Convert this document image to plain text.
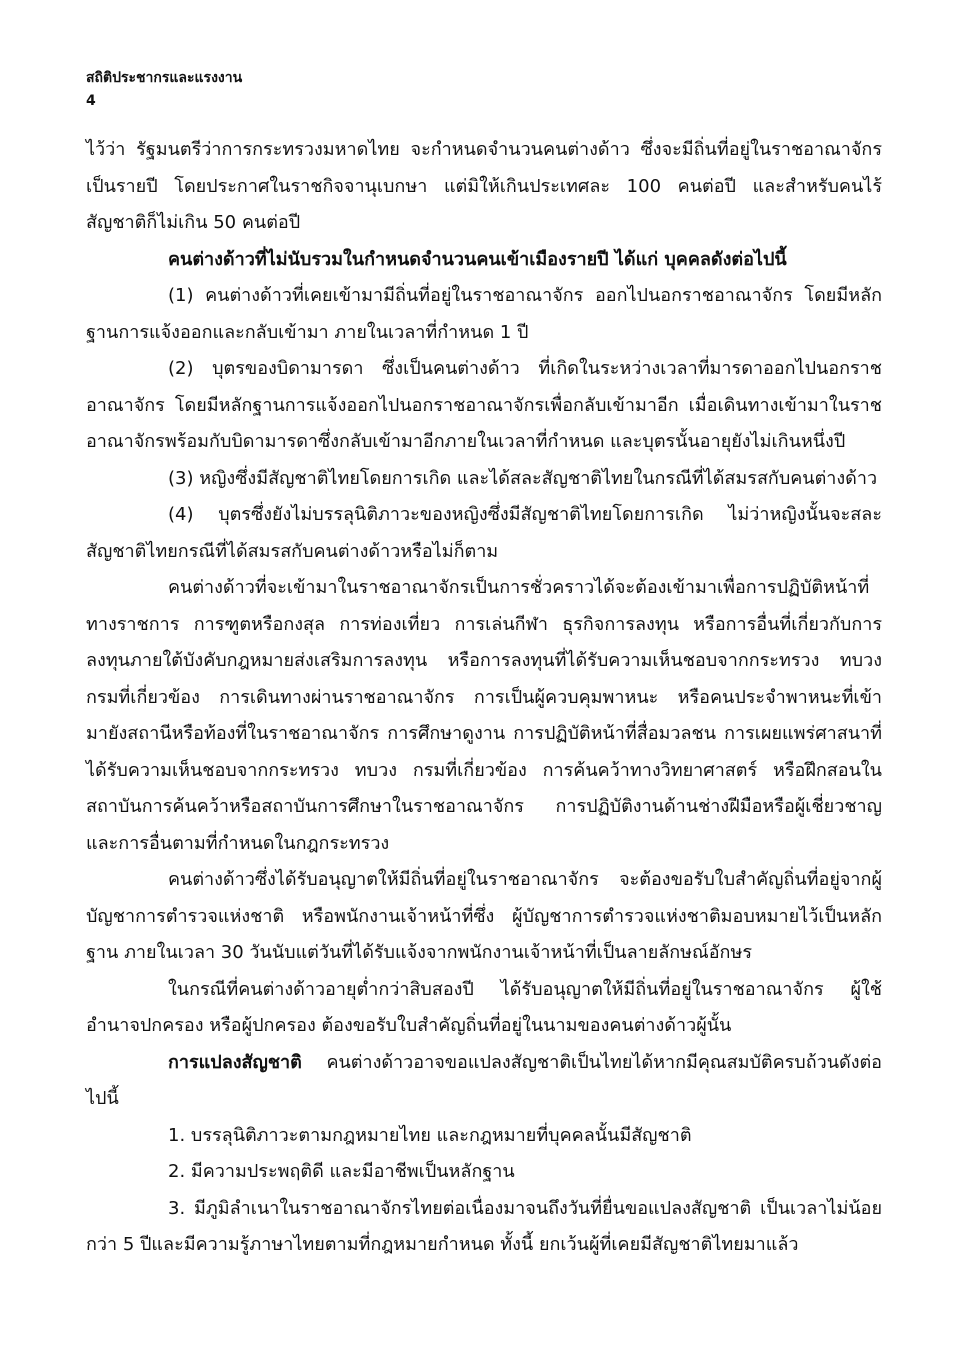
สถิติประชากรและแรงงาน
4

ไว้ว่า รัฐมนตรีว่าการกระทรวงมหาดไทย จะกำหนดจำนวนคนต่างด้าว ซึ่งจะมีถิ่นที่อยู่ในราชอาณาจักรเป็นรายปี โดยประกาศในราชกิจจานุเบกษา แต่มิให้เกินประเทศละ 100 คนต่อปี และสำหรับคนไร้สัญชาติก็ไม่เกิน 50 คนต่อปี

คนต่างด้าวที่ไม่นับรวมในกำหนดจำนวนคนเข้าเมืองรายปี ได้แก่ บุคคลดังต่อไปนี้

(1) คนต่างด้าวที่เคยเข้ามามีถิ่นที่อยู่ในราชอาณาจักร ออกไปนอกราชอาณาจักร โดยมีหลักฐานการแจ้งออกและกลับเข้ามา ภายในเวลาที่กำหนด 1 ปี

(2) บุตรของบิดามารดา ซึ่งเป็นคนต่างด้าว ที่เกิดในระหว่างเวลาที่มารดาออกไปนอกราชอาณาจักร โดยมีหลักฐานการแจ้งออกไปนอกราชอาณาจักรเพื่อกลับเข้ามาอีก เมื่อเดินทางเข้ามาในราชอาณาจักรพร้อมกับบิดามารดาซึ่งกลับเข้ามาอีกภายในเวลาที่กำหนด และบุตรนั้นอายุยังไม่เกินหนึ่งปี

(3) หญิงซึ่งมีสัญชาติไทยโดยการเกิด และได้สละสัญชาติไทยในกรณีที่ได้สมรสกับคนต่างด้าว

(4) บุตรซึ่งยังไม่บรรลุนิติภาวะของหญิงซึ่งมีสัญชาติไทยโดยการเกิด ไม่ว่าหญิงนั้นจะสละสัญชาติไทยกรณีที่ได้สมรสกับคนต่างด้าวหรือไม่ก็ตาม

คนต่างด้าวที่จะเข้ามาในราชอาณาจักรเป็นการชั่วคราวได้จะต้องเข้ามาเพื่อการปฏิบัติหน้าที่ทางราชการ การฑูตหรือกงสุล การท่องเที่ยว การเล่นกีฬา ธุรกิจการลงทุน หรือการอื่นที่เกี่ยวกับการลงทุนภายใต้บังคับกฎหมายส่งเสริมการลงทุน หรือการลงทุนที่ได้รับความเห็นชอบจากกระทรวง ทบวง กรมที่เกี่ยวข้อง การเดินทางผ่านราชอาณาจักร การเป็นผู้ควบคุมพาหนะ หรือคนประจำพาหนะที่เข้ามายังสถานีหรือท้องที่ในราชอาณาจักร การศึกษาดูงาน การปฏิบัติหน้าที่สื่อมวลชน การเผยแพร่ศาสนาที่ได้รับความเห็นชอบจากกระทรวง ทบวง กรมที่เกี่ยวข้อง การค้นคว้าทางวิทยาศาสตร์ หรือฝึกสอนในสถาบันการค้นคว้าหรือสถาบันการศึกษาในราชอาณาจักร การปฏิบัติงานด้านช่างฝีมือหรือผู้เชี่ยวชาญ และการอื่นตามที่กำหนดในกฎกระทรวง

คนต่างด้าวซึ่งได้รับอนุญาตให้มีถิ่นที่อยู่ในราชอาณาจักร จะต้องขอรับใบสำคัญถิ่นที่อยู่จากผู้บัญชาการตำรวจแห่งชาติ หรือพนักงานเจ้าหน้าที่ซึ่ง ผู้บัญชาการตำรวจแห่งชาติมอบหมายไว้เป็นหลักฐาน ภายในเวลา 30 วันนับแต่วันที่ได้รับแจ้งจากพนักงานเจ้าหน้าที่เป็นลายลักษณ์อักษร

ในกรณีที่คนต่างด้าวอายุต่ำกว่าสิบสองปี ได้รับอนุญาตให้มีถิ่นที่อยู่ในราชอาณาจักร ผู้ใช้อำนาจปกครอง หรือผู้ปกครอง ต้องขอรับใบสำคัญถิ่นที่อยู่ในนามของคนต่างด้าวผู้นั้น

การแปลงสัญชาติ คนต่างด้าวอาจขอแปลงสัญชาติเป็นไทยได้หากมีคุณสมบัติครบถ้วนดังต่อไปนี้

1. บรรลุนิติภาวะตามกฎหมายไทย และกฎหมายที่บุคคลนั้นมีสัญชาติ

2. มีความประพฤติดี และมีอาชีพเป็นหลักฐาน

3. มีภูมิลำเนาในราชอาณาจักรไทยต่อเนื่องมาจนถึงวันที่ยื่นขอแปลงสัญชาติ เป็นเวลาไม่น้อยกว่า 5 ปีและมีความรู้ภาษาไทยตามที่กฎหมายกำหนด ทั้งนี้ ยกเว้นผู้ที่เคยมีสัญชาติไทยมาแล้ว
